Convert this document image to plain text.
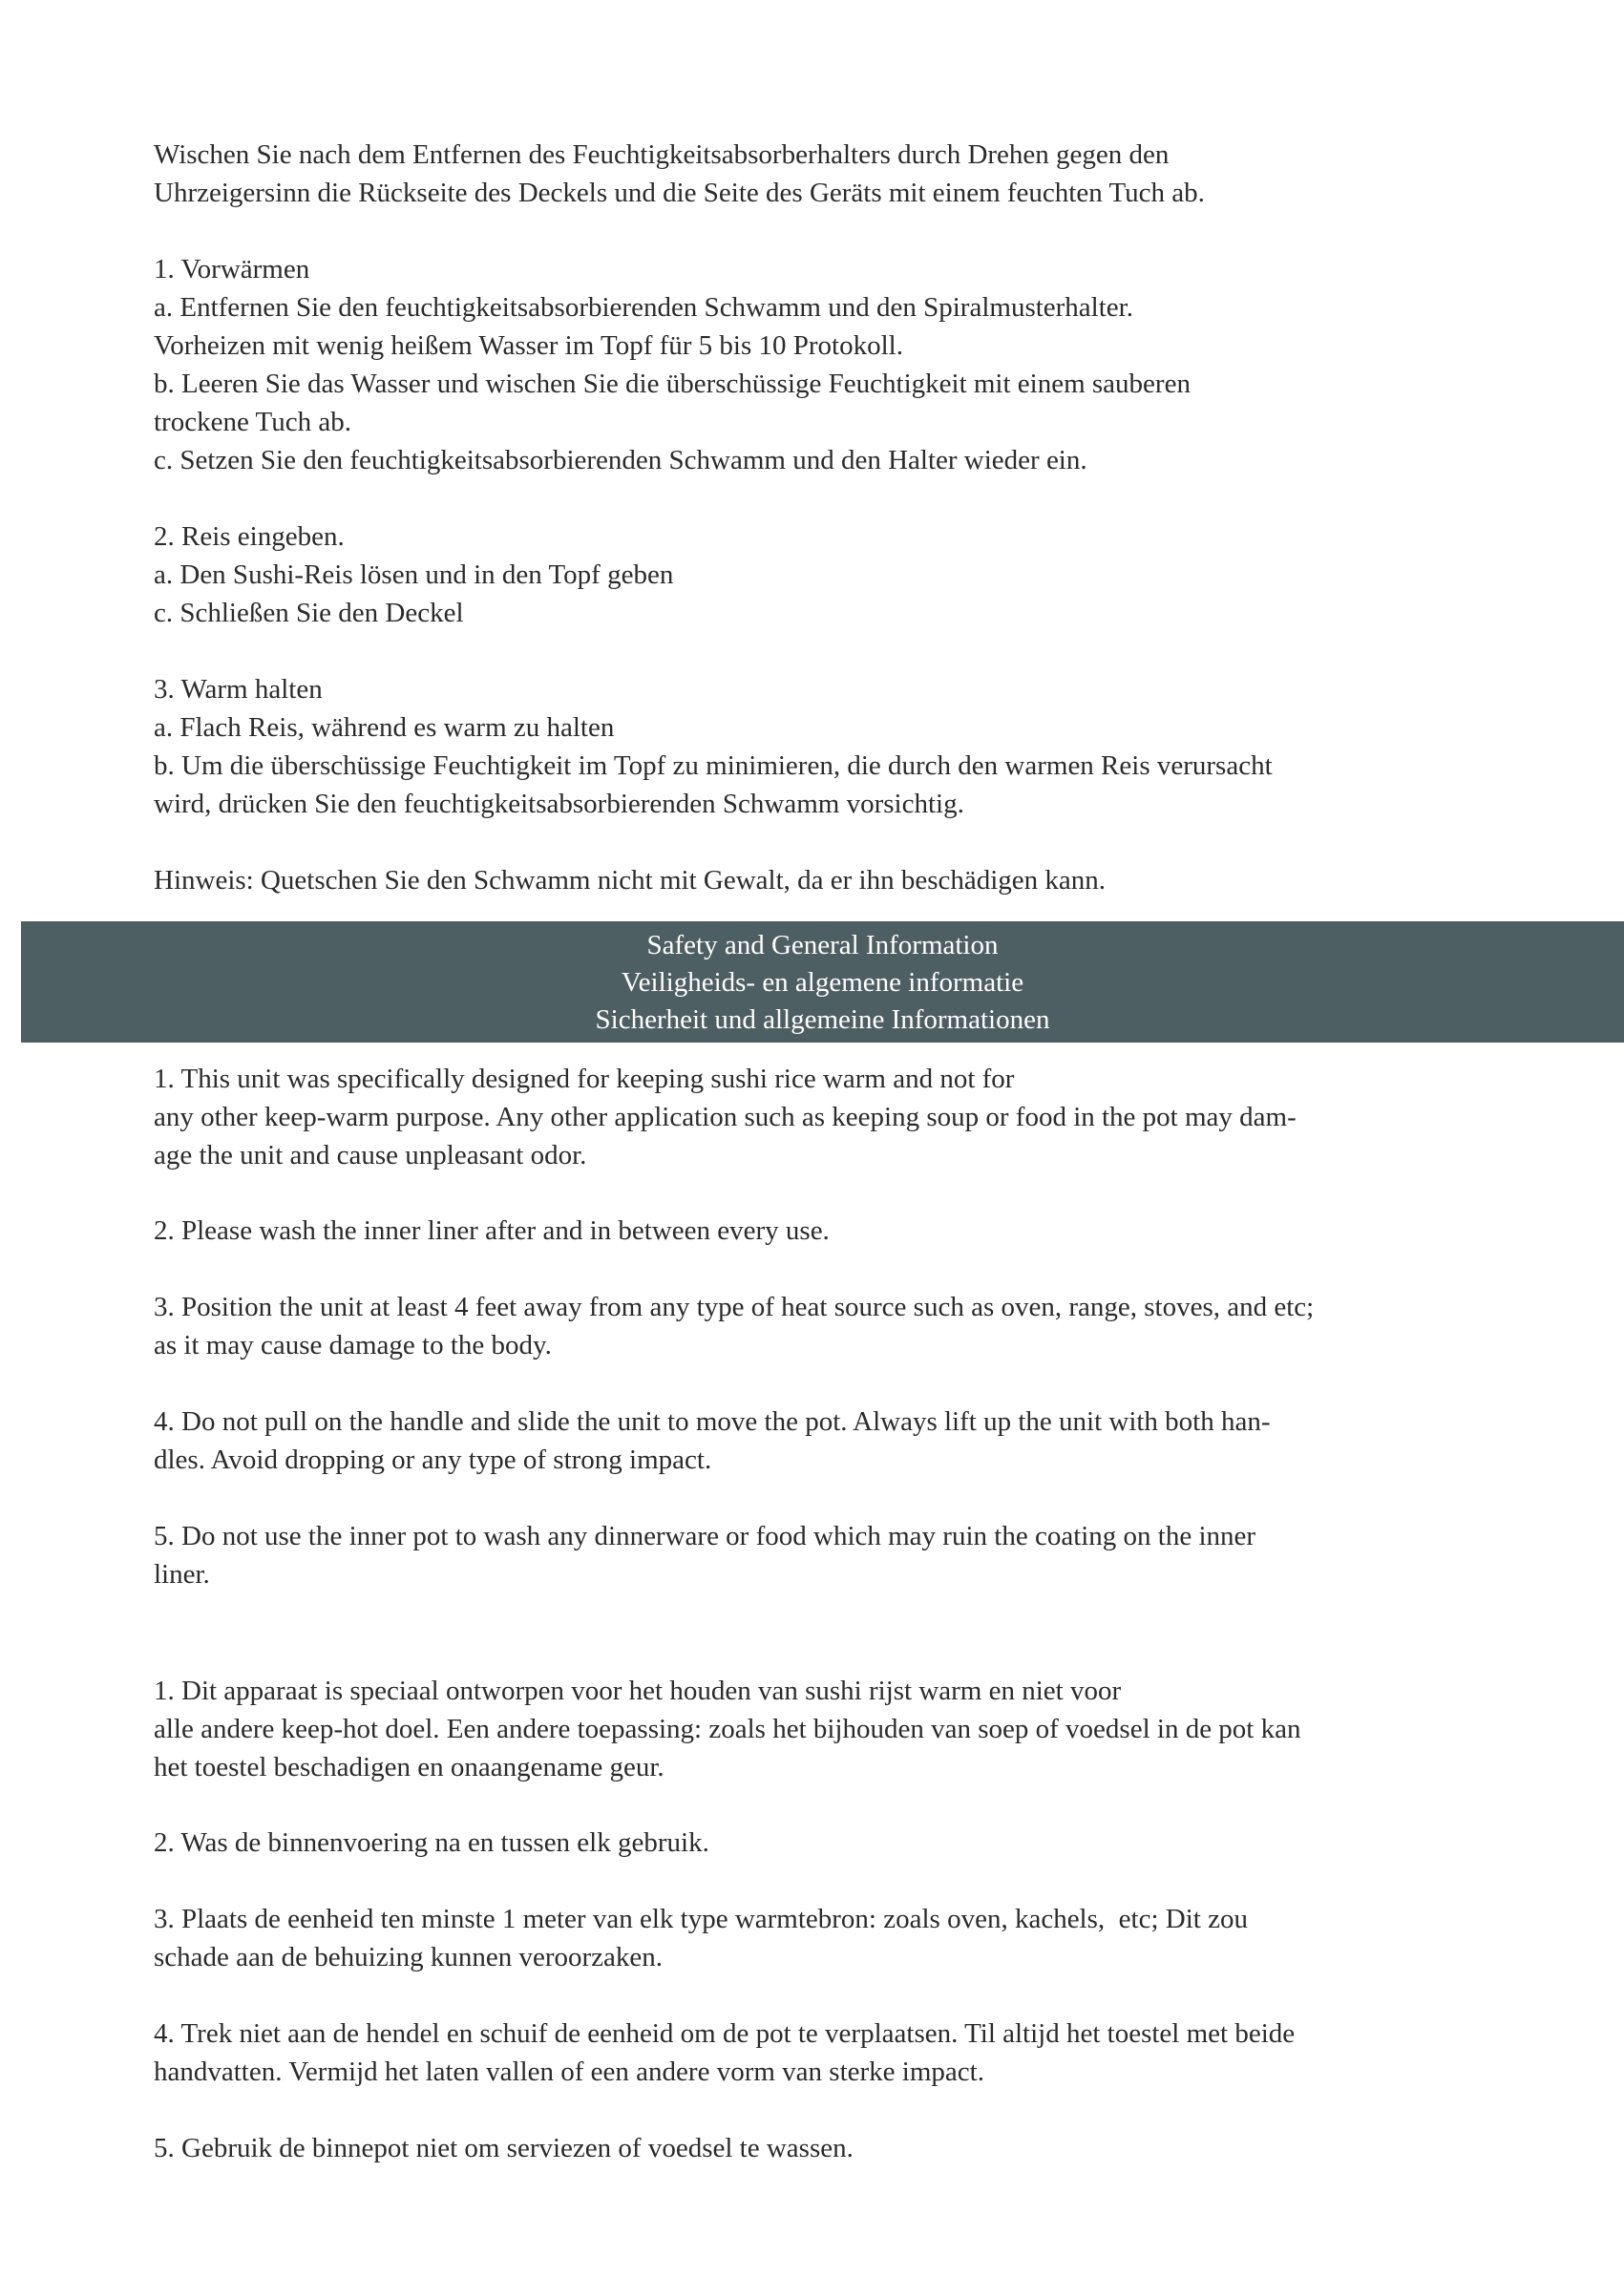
Wischen Sie nach dem Entfernen des Feuchtigkeitsabsorberhalters durch Drehen gegen den
Uhrzeigersinn die Rückseite des Deckels und die Seite des Geräts mit einem feuchten Tuch ab.
1. Vorwärmen
a. Entfernen Sie den feuchtigkeitsabsorbierenden Schwamm und den Spiralmusterhalter.
Vorheizen mit wenig heißem Wasser im Topf für 5 bis 10 Protokoll.
b. Leeren Sie das Wasser und wischen Sie die überschüssige Feuchtigkeit mit einem sauberen
trockene Tuch ab.
c. Setzen Sie den feuchtigkeitsabsorbierenden Schwamm und den Halter wieder ein.
2. Reis eingeben.
a. Den Sushi-Reis lösen und in den Topf geben
c. Schließen Sie den Deckel
3. Warm halten
a. Flach Reis, während es warm zu halten
b. Um die überschüssige Feuchtigkeit im Topf zu minimieren, die durch den warmen Reis verursacht
wird, drücken Sie den feuchtigkeitsabsorbierenden Schwamm vorsichtig.
Hinweis: Quetschen Sie den Schwamm nicht mit Gewalt, da er ihn beschädigen kann.
Safety and General Information
Veiligheids- en algemene informatie
Sicherheit und allgemeine Informationen
1. This unit was specifically designed for keeping sushi rice warm and not for
any other keep-warm purpose. Any other application such as keeping soup or food in the pot may dam-
age the unit and cause unpleasant odor.
2. Please wash the inner liner after and in between every use.
3. Position the unit at least 4 feet away from any type of heat source such as oven, range, stoves, and etc;
as it may cause damage to the body.
4. Do not pull on the handle and slide the unit to move the pot. Always lift up the unit with both han-
dles. Avoid dropping or any type of strong impact.
5. Do not use the inner pot to wash any dinnerware or food which may ruin the coating on the inner
liner.
1. Dit apparaat is speciaal ontworpen voor het houden van sushi rijst warm en niet voor
alle andere keep-hot doel. Een andere toepassing: zoals het bijhouden van soep of voedsel in de pot kan
het toestel beschadigen en onaangename geur.
2. Was de binnenvoering na en tussen elk gebruik.
3. Plaats de eenheid ten minste 1 meter van elk type warmtebron: zoals oven, kachels,  etc; Dit zou
schade aan de behuizing kunnen veroorzaken.
4. Trek niet aan de hendel en schuif de eenheid om de pot te verplaatsen. Til altijd het toestel met beide
handvatten. Vermijd het laten vallen of een andere vorm van sterke impact.
5. Gebruik de binnepot niet om serviezen of voedsel te wassen.
